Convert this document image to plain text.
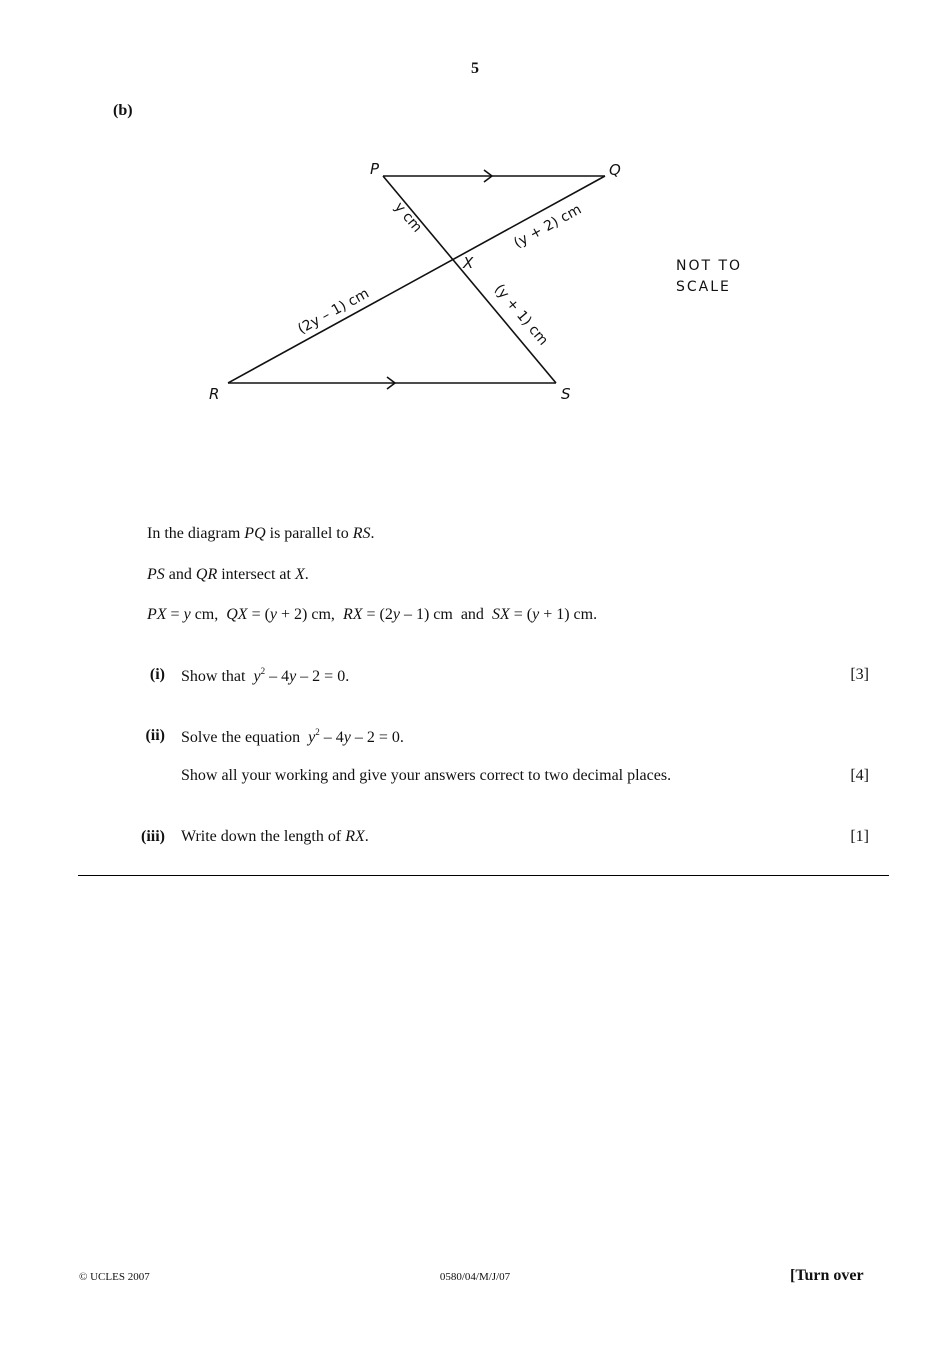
5
(b)
P	Q
R	S
X
y cm	(y + 2) cm
(2y – 1) cm	(y + 1) cm
NOT TO
SCALE
In the diagram PQ is parallel to RS.
PS and QR intersect at X.
PX = y cm,  QX = (y + 2) cm,  RX = (2y – 1) cm  and  SX = (y + 1) cm.
(i) Show that  $y^2 - 4y - 2 = 0$.	[3]
(ii) Solve the equation  $y^2 - 4y - 2 = 0$.
Show all your working and give your answers correct to two decimal places.	[4]
(iii) Write down the length of RX.	[1]
© UCLES 2007	0580/04/M/J/07	[Turn over
